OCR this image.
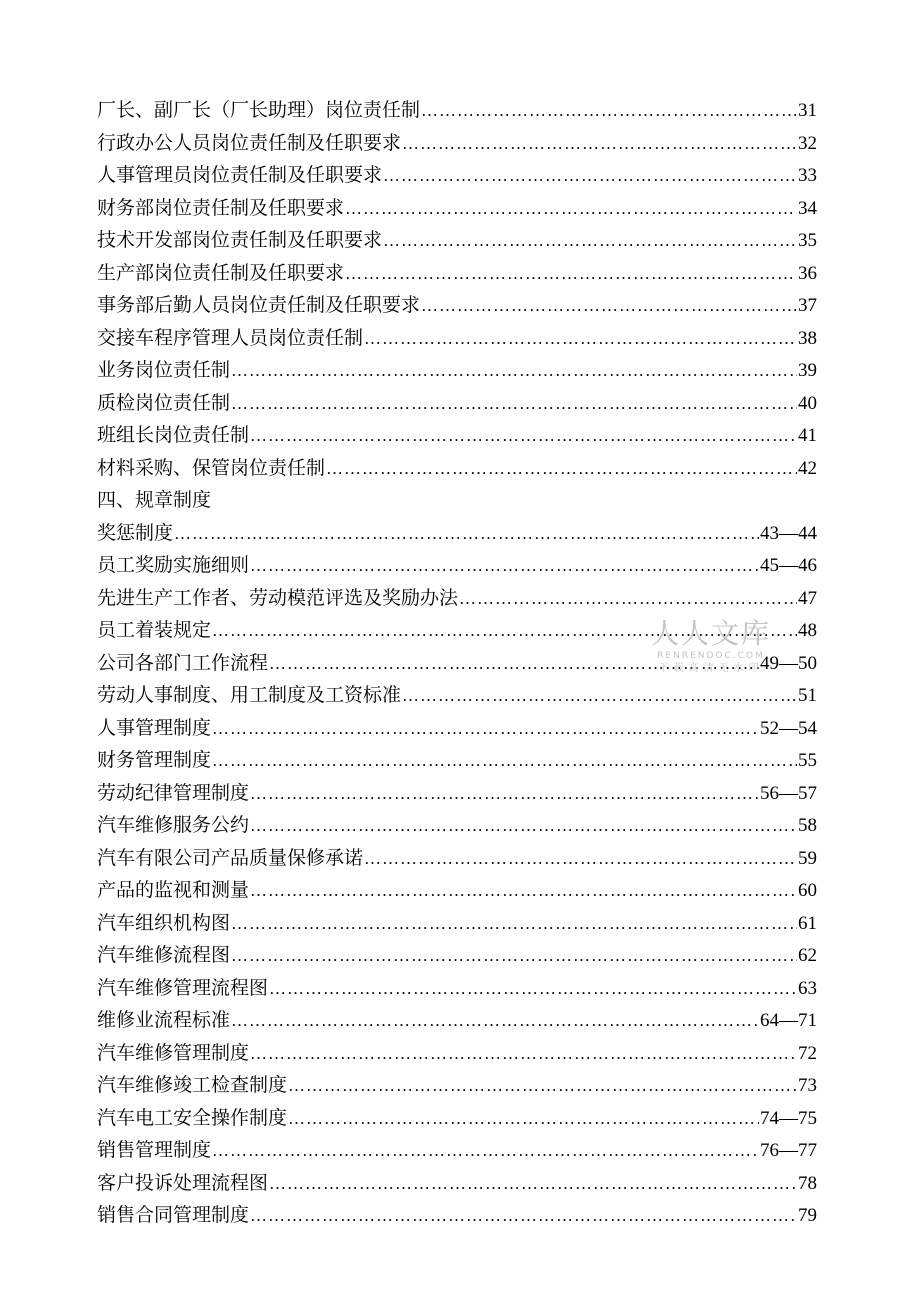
厂长、副厂长（厂长助理）岗位责任制 …………………………………………………………………………………………………………………………………………………………	31
行政办公人员岗位责任制及任职要求 …………………………………………………………………………………………………………………………………………………………	32
人事管理员岗位责任制及任职要求 …………………………………………………………………………………………………………………………………………………………	33
财务部岗位责任制及任职要求 …………………………………………………………………………………………………………………………………………………………	34
技术开发部岗位责任制及任职要求 …………………………………………………………………………………………………………………………………………………………	35
生产部岗位责任制及任职要求 …………………………………………………………………………………………………………………………………………………………	36
事务部后勤人员岗位责任制及任职要求 …………………………………………………………………………………………………………………………………………………………	37
交接车程序管理人员岗位责任制 …………………………………………………………………………………………………………………………………………………………	38
业务岗位责任制 …………………………………………………………………………………………………………………………………………………………	39
质检岗位责任制 …………………………………………………………………………………………………………………………………………………………	40
班组长岗位责任制 …………………………………………………………………………………………………………………………………………………………	41
材料采购、保管岗位责任制 …………………………………………………………………………………………………………………………………………………………	42
四、规章制度
奖惩制度 …………………………………………………………………………………………………………………………………………………………	43—44
员工奖励实施细则 …………………………………………………………………………………………………………………………………………………………	45—46
先进生产工作者、劳动模范评选及奖励办法 …………………………………………………………………………………………………………………………………………………………	47
员工着装规定 …………………………………………………………………………………………………………………………………………………………	48
公司各部门工作流程 …………………………………………………………………………………………………………………………………………………………	49—50
劳动人事制度、用工制度及工资标准 …………………………………………………………………………………………………………………………………………………………	51
人事管理制度 …………………………………………………………………………………………………………………………………………………………	52—54
财务管理制度 …………………………………………………………………………………………………………………………………………………………	55
劳动纪律管理制度 …………………………………………………………………………………………………………………………………………………………	56—57
汽车维修服务公约 …………………………………………………………………………………………………………………………………………………………	58
汽车有限公司产品质量保修承诺 …………………………………………………………………………………………………………………………………………………………	59
产品的监视和测量 …………………………………………………………………………………………………………………………………………………………	60
汽车组织机构图 …………………………………………………………………………………………………………………………………………………………	61
汽车维修流程图 …………………………………………………………………………………………………………………………………………………………	62
汽车维修管理流程图 …………………………………………………………………………………………………………………………………………………………	63
维修业流程标准 …………………………………………………………………………………………………………………………………………………………	64—71
汽车维修管理制度 …………………………………………………………………………………………………………………………………………………………	72
汽车维修竣工检查制度 …………………………………………………………………………………………………………………………………………………………	73
汽车电工安全操作制度 …………………………………………………………………………………………………………………………………………………………	74—75
销售管理制度 …………………………………………………………………………………………………………………………………………………………	76—77
客户投诉处理流程图 …………………………………………………………………………………………………………………………………………………………	78
销售合同管理制度 …………………………………………………………………………………………………………………………………………………………	79
人人文库
RENRENDOC.COM
下载高清无水印
